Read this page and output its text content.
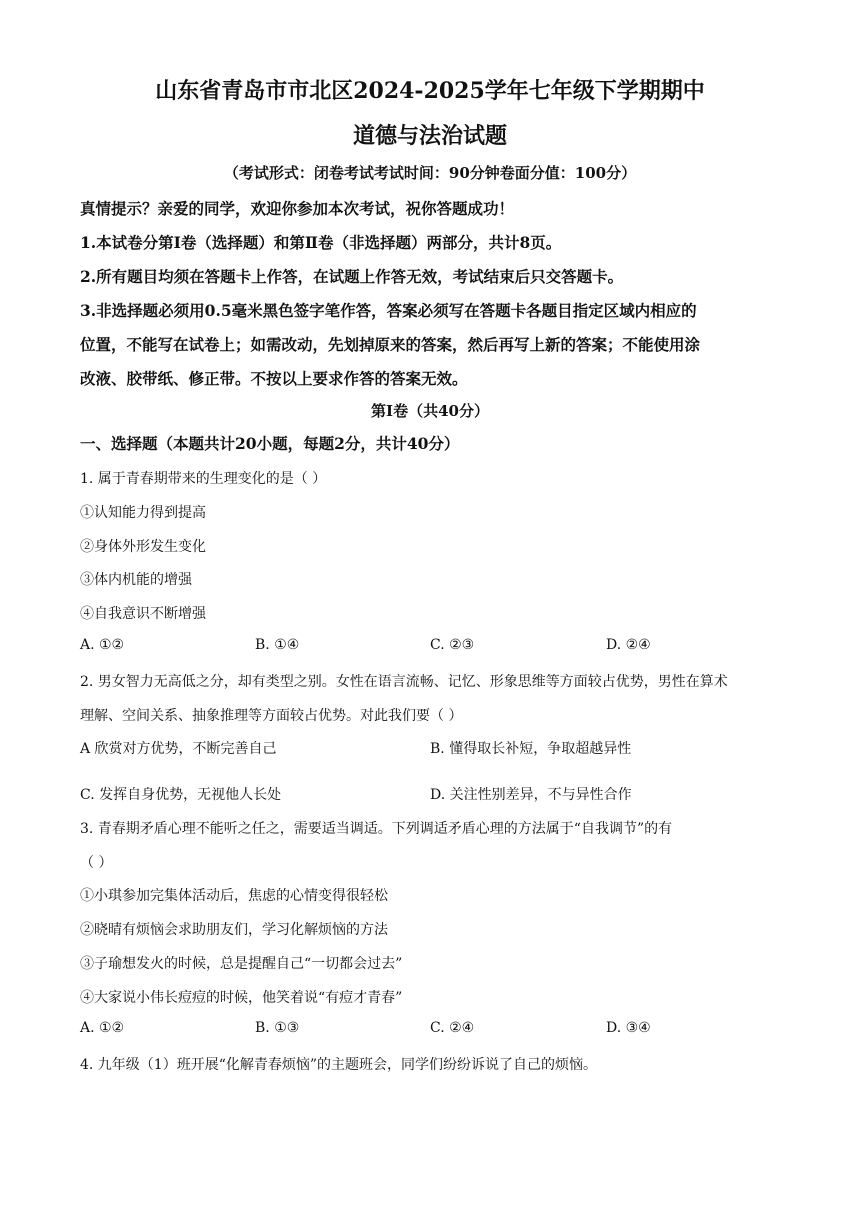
山东省青岛市市北区2024-2025学年七年级下学期期中
道德与法治试题
（考试形式：闭卷考试考试时间：90分钟卷面分值：100分）
真情提示？亲爱的同学，欢迎你参加本次考试，祝你答题成功！
1.本试卷分第Ⅰ卷（选择题）和第Ⅱ卷（非选择题）两部分，共计8页。
2.所有题目均须在答题卡上作答，在试题上作答无效，考试结束后只交答题卡。
3.非选择题必须用0.5毫米黑色签字笔作答，答案必须写在答题卡各题目指定区域内相应的
位置，不能写在试卷上；如需改动，先划掉原来的答案，然后再写上新的答案；不能使用涂
改液、胶带纸、修正带。不按以上要求作答的答案无效。
第Ⅰ卷（共40分）
一、选择题（本题共计20小题，每题2分，共计40分）
1. 属于青春期带来的生理变化的是（ ）
①认知能力得到提高
②身体外形发生变化
③体内机能的增强
④自我意识不断增强
A. ①②	B. ①④	C. ②③	D. ②④
2. 男女智力无高低之分，却有类型之别。女性在语言流畅、记忆、形象思维等方面较占优势，男性在算术
理解、空间关系、抽象推理等方面较占优势。对此我们要（ ）
A 欣赏对方优势，不断完善自己	B. 懂得取长补短，争取超越异性
C. 发挥自身优势，无视他人长处	D. 关注性别差异，不与异性合作
3. 青春期矛盾心理不能听之任之，需要适当调适。下列调适矛盾心理的方法属于“自我调节”的有
（ ）
①小琪参加完集体活动后，焦虑的心情变得很轻松
②晓晴有烦恼会求助朋友们，学习化解烦恼的方法
③子瑜想发火的时候，总是提醒自己“一切都会过去”
④大家说小伟长痘痘的时候，他笑着说“有痘才青春”
A. ①②	B. ①③	C. ②④	D. ③④
4. 九年级（1）班开展“化解青春烦恼”的主题班会，同学们纷纷诉说了自己的烦恼。
